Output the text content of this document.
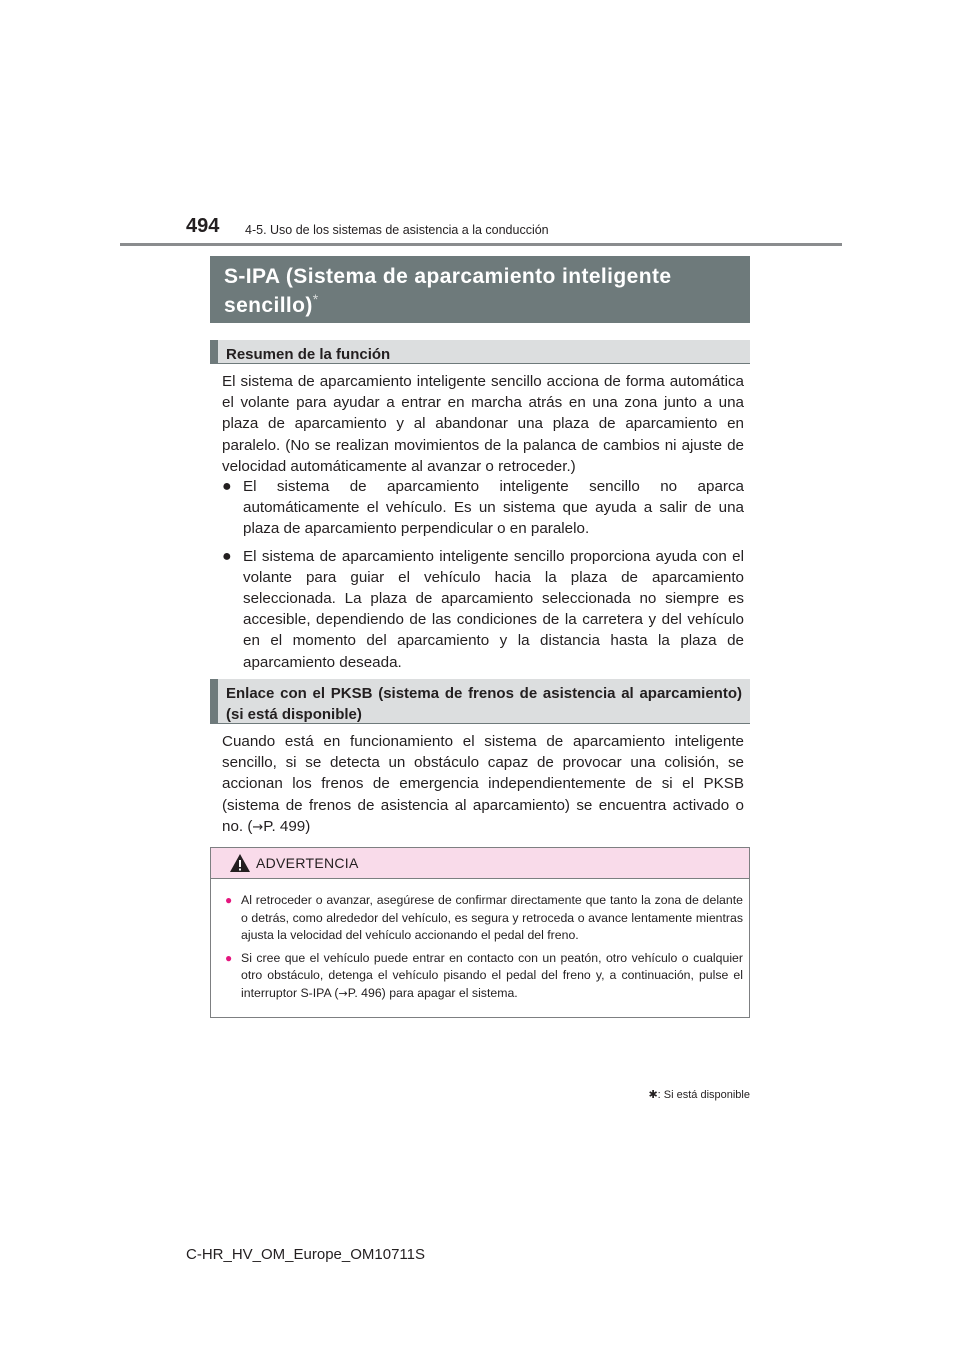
494 4-5. Uso de los sistemas de asistencia a la conducción
S-IPA (Sistema de aparcamiento inteligente sencillo)*
Resumen de la función
El sistema de aparcamiento inteligente sencillo acciona de forma automática el volante para ayudar a entrar en marcha atrás en una zona junto a una plaza de aparcamiento y al abandonar una plaza de aparcamiento en paralelo. (No se realizan movimientos de la palanca de cambios ni ajuste de velocidad automáticamente al avanzar o retroceder.)
● El sistema de aparcamiento inteligente sencillo no aparca automáticamente el vehículo. Es un sistema que ayuda a salir de una plaza de aparcamiento perpendicular o en paralelo.
● El sistema de aparcamiento inteligente sencillo proporciona ayuda con el volante para guiar el vehículo hacia la plaza de aparcamiento seleccionada. La plaza de aparcamiento seleccionada no siempre es accesible, dependiendo de las condiciones de la carretera y del vehículo en el momento del aparcamiento y la distancia hasta la plaza de aparcamiento deseada.
Enlace con el PKSB (sistema de frenos de asistencia al aparcamiento) (si está disponible)
Cuando está en funcionamiento el sistema de aparcamiento inteligente sencillo, si se detecta un obstáculo capaz de provocar una colisión, se accionan los frenos de emergencia independientemente de si el PKSB (sistema de frenos de asistencia al aparcamiento) se encuentra activado o no. (→P. 499)
ADVERTENCIA
● Al retroceder o avanzar, asegúrese de confirmar directamente que tanto la zona de delante o detrás, como alrededor del vehículo, es segura y retroceda o avance lentamente mientras ajusta la velocidad del vehículo accionando el pedal del freno.
● Si cree que el vehículo puede entrar en contacto con un peatón, otro vehículo o cualquier otro obstáculo, detenga el vehículo pisando el pedal del freno y, a continuación, pulse el interruptor S-IPA (→P. 496) para apagar el sistema.
✱: Si está disponible
C-HR_HV_OM_Europe_OM10711S
